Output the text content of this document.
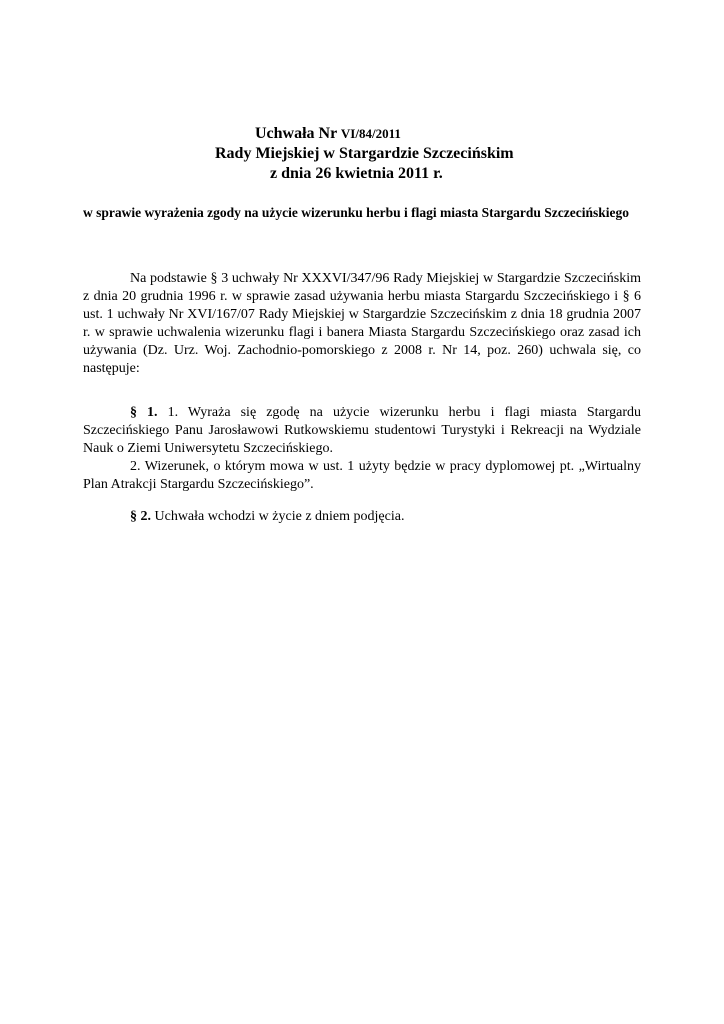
Uchwała Nr VI/84/2011
Rady Miejskiej w Stargardzie Szczecińskim
z dnia 26 kwietnia 2011 r.
w sprawie wyrażenia zgody na użycie wizerunku herbu i flagi miasta Stargardu Szczecińskiego
Na podstawie § 3 uchwały Nr XXXVI/347/96 Rady Miejskiej w Stargardzie Szczecińskim z dnia 20 grudnia 1996 r. w sprawie zasad używania herbu miasta Stargardu Szczecińskiego i § 6 ust. 1 uchwały Nr XVI/167/07 Rady Miejskiej w Stargardzie Szczecińskim z dnia 18 grudnia 2007 r. w sprawie uchwalenia wizerunku flagi i banera Miasta Stargardu Szczecińskiego oraz zasad ich używania (Dz. Urz. Woj. Zachodnio-pomorskiego z 2008 r. Nr 14, poz. 260) uchwala się, co następuje:
§ 1. 1. Wyraża się zgodę na użycie wizerunku herbu i flagi miasta Stargardu Szczecińskiego Panu Jarosławowi Rutkowskiemu studentowi Turystyki i Rekreacji na Wydziale Nauk o Ziemi Uniwersytetu Szczecińskiego.
2. Wizerunek, o którym mowa w ust. 1 użyty będzie w pracy dyplomowej pt. „Wirtualny Plan Atrakcji Stargardu Szczecińskiego”.
§ 2. Uchwała wchodzi w życie z dniem podjęcia.
